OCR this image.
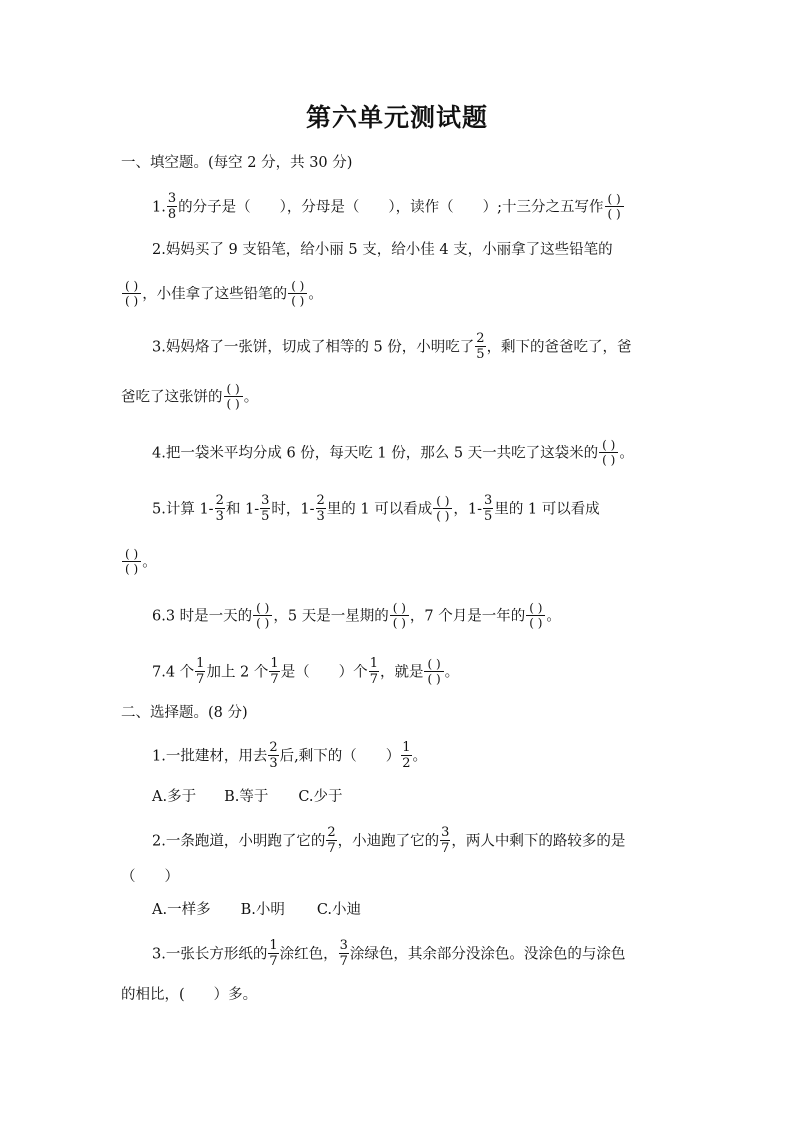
第六单元测试题
一、填空题。(每空 2 分，共 30 分)
1. $\frac{3}{8}$ 的分子是（　　），分母是（　　），读作（　　）;十三分之五写作 $\frac{( )}{( )}$
2.妈妈买了 9 支铅笔，给小丽 5 支，给小佳 4 支，小丽拿了这些铅笔的
$\frac{( )}{( )}$ ，小佳拿了这些铅笔的 $\frac{( )}{( )}$ 。
3.妈妈烙了一张饼，切成了相等的 5 份，小明吃了 $\frac{2}{5}$ ，剩下的爸爸吃了，爸
爸吃了这张饼的 $\frac{( )}{( )}$ 。
4.把一袋米平均分成 6 份，每天吃 1 份，那么 5 天一共吃了这袋米的 $\frac{( )}{( )}$ 。
5.计算 $1- \frac{2}{3}$ 和 $1- \frac{3}{5}$ 时，$1- \frac{2}{3}$ 里的 1 可以看成 $\frac{( )}{( )}$ ，$1- \frac{3}{5}$ 里的 1 可以看成
$\frac{( )}{( )}$ 。
6.3 时是一天的 $\frac{( )}{( )}$ ，5 天是一星期的 $\frac{( )}{( )}$ ，7 个月是一年的 $\frac{( )}{( )}$ 。
7.4 个 $\frac{1}{7}$ 加上 2 个 $\frac{1}{7}$ 是（　　）个 $\frac{1}{7}$ ，就是 $\frac{( )}{( )}$ 。
二、选择题。(8 分)
1.一批建材，用去 $\frac{2}{3}$ 后,剩下的（　　） $\frac{1}{2}$ 。
A.多于 B.等于 C.少于
2.一条跑道，小明跑了它的 $\frac{2}{7}$ ，小迪跑了它的 $\frac{3}{7}$ ，两人中剩下的路较多的是
（　　）
A.一样多 B.小明 C.小迪
3.一张长方形纸的 $\frac{1}{7}$ 涂红色， $\frac{3}{7}$ 涂绿色，其余部分没涂色。没涂色的与涂色
的相比，(　　）多。
